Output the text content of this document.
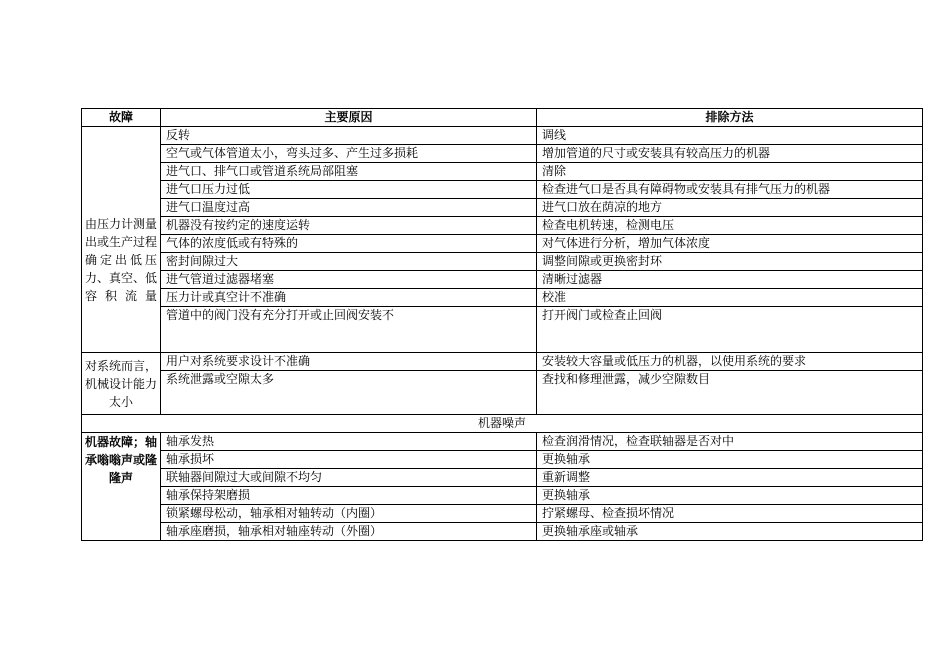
故障	主要原因	排除方法
由压力计测量出或生产过程确定出低压力、真空、低容积流量	反转	调线
	空气或气体管道太小，弯头过多、产生过多损耗	增加管道的尺寸或安装具有较高压力的机器
	进气口、排气口或管道系统局部阻塞	清除
	进气口压力过低	检查进气口是否具有障碍物或安装具有排气压力的机器
	进气口温度过高	进气口放在荫凉的地方
	机器没有按约定的速度运转	检查电机转速，检测电压
	气体的浓度低或有特殊的	对气体进行分析，增加气体浓度
	密封间隙过大	调整间隙或更换密封环
	进气管道过滤器堵塞	清晰过滤器
	压力计或真空计不准确	校准
	管道中的阀门没有充分打开或止回阀安装不	打开阀门或检查止回阀
对系统而言，机械设计能力太小	用户对系统要求设计不准确	安装较大容量或低压力的机器，以使用系统的要求
	系统泄露或空隙太多	查找和修理泄露，减少空隙数目
机器噪声		
机器故障；轴承嗡嗡声或隆隆声	轴承发热	检查润滑情况，检查联轴器是否对中
	轴承损坏	更换轴承
	联轴器间隙过大或间隙不均匀	重新调整
	轴承保持架磨损	更换轴承
	锁紧螺母松动，轴承相对轴转动（内圈）	拧紧螺母、检查损坏情况
	轴承座磨损，轴承相对轴座转动（外圈）	更换轴承座或轴承
